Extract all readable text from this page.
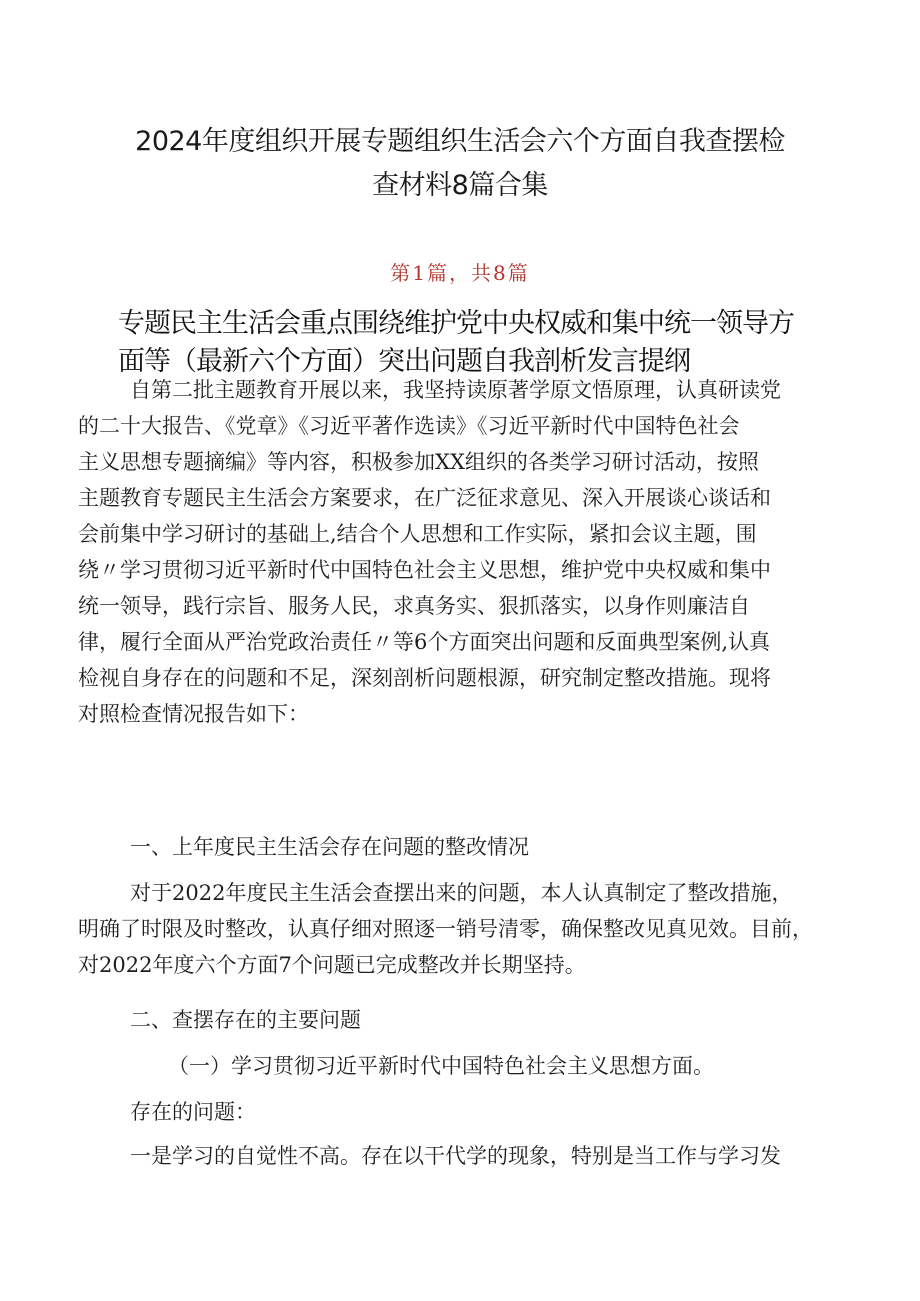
2024年度组织开展专题组织生活会六个方面自我查摆检
查材料8篇合集
第1篇，共8篇
专题民主生活会重点围绕维护党中央权威和集中统一领导方
面等（最新六个方面）突出问题自我剖析发言提纲
自第二批主题教育开展以来，我坚持读原著学原文悟原理，认真研读党
的二十大报告、《党章》《习近平著作选读》《习近平新时代中国特色社会
主义思想专题摘编》等内容，积极参加XX组织的各类学习研讨活动，按照
主题教育专题民主生活会方案要求，在广泛征求意见、深入开展谈心谈话和
会前集中学习研讨的基础上,结合个人思想和工作实际，紧扣会议主题，围
绕〃学习贯彻习近平新时代中国特色社会主义思想，维护党中央权威和集中
统一领导，践行宗旨、服务人民，求真务实、狠抓落实，以身作则廉洁自
律，履行全面从严治党政治责任〃等6个方面突出问题和反面典型案例,认真
检视自身存在的问题和不足，深刻剖析问题根源，研究制定整改措施。现将
对照检查情况报告如下：
一、上年度民主生活会存在问题的整改情况
对于2022年度民主生活会查摆出来的问题，本人认真制定了整改措施，
明确了时限及时整改，认真仔细对照逐一销号清零，确保整改见真见效。目前，
对2022年度六个方面7个问题已完成整改并长期坚持。
二、查摆存在的主要问题
（一）学习贯彻习近平新时代中国特色社会主义思想方面。
存在的问题：
一是学习的自觉性不高。存在以干代学的现象，特别是当工作与学习发
